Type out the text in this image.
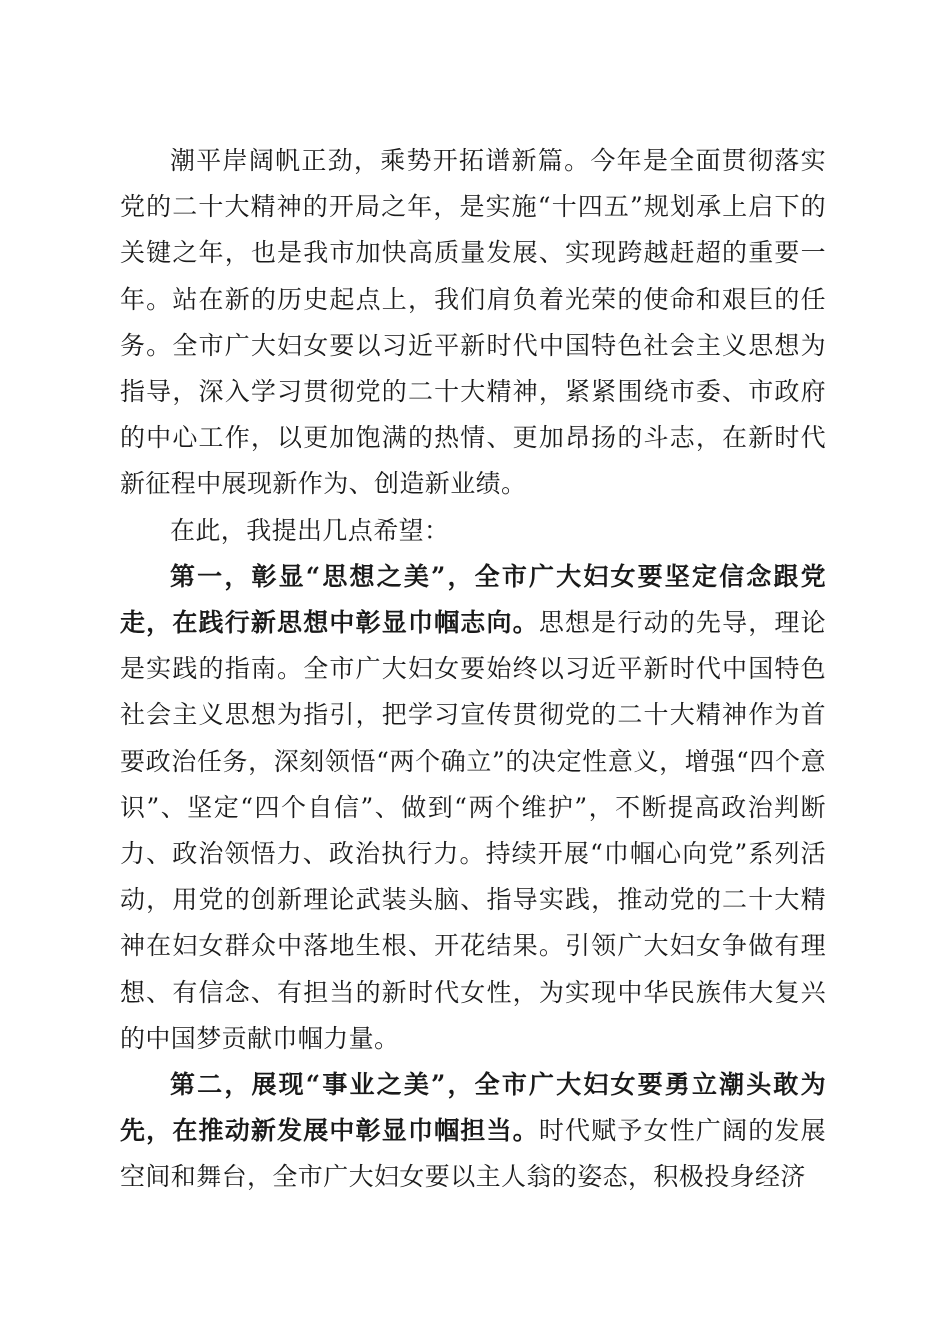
潮平岸阔帆正劲，乘势开拓谱新篇。今年是全面贯彻落实党的二十大精神的开局之年，是实施“十四五”规划承上启下的关键之年，也是我市加快高质量发展、实现跨越赶超的重要一年。站在新的历史起点上，我们肩负着光荣的使命和艰巨的任务。全市广大妇女要以习近平新时代中国特色社会主义思想为指导，深入学习贯彻党的二十大精神，紧紧围绕市委、市政府的中心工作，以更加饱满的热情、更加昂扬的斗志，在新时代新征程中展现新作为、创造新业绩。

在此，我提出几点希望：

第一，彰显“思想之美”，全市广大妇女要坚定信念跟党走，在践行新思想中彰显巾帼志向。思想是行动的先导，理论是实践的指南。全市广大妇女要始终以习近平新时代中国特色社会主义思想为指引，把学习宣传贯彻党的二十大精神作为首要政治任务，深刻领悟“两个确立”的决定性意义，增强“四个意识”、坚定“四个自信”、做到“两个维护”，不断提高政治判断力、政治领悟力、政治执行力。持续开展“巾帼心向党”系列活动，用党的创新理论武装头脑、指导实践，推动党的二十大精神在妇女群众中落地生根、开花结果。引领广大妇女争做有理想、有信念、有担当的新时代女性，为实现中华民族伟大复兴的中国梦贡献巾帼力量。

第二，展现“事业之美”，全市广大妇女要勇立潮头敢为先，在推动新发展中彰显巾帼担当。时代赋予女性广阔的发展空间和舞台，全市广大妇女要以主人翁的姿态，积极投身经济
